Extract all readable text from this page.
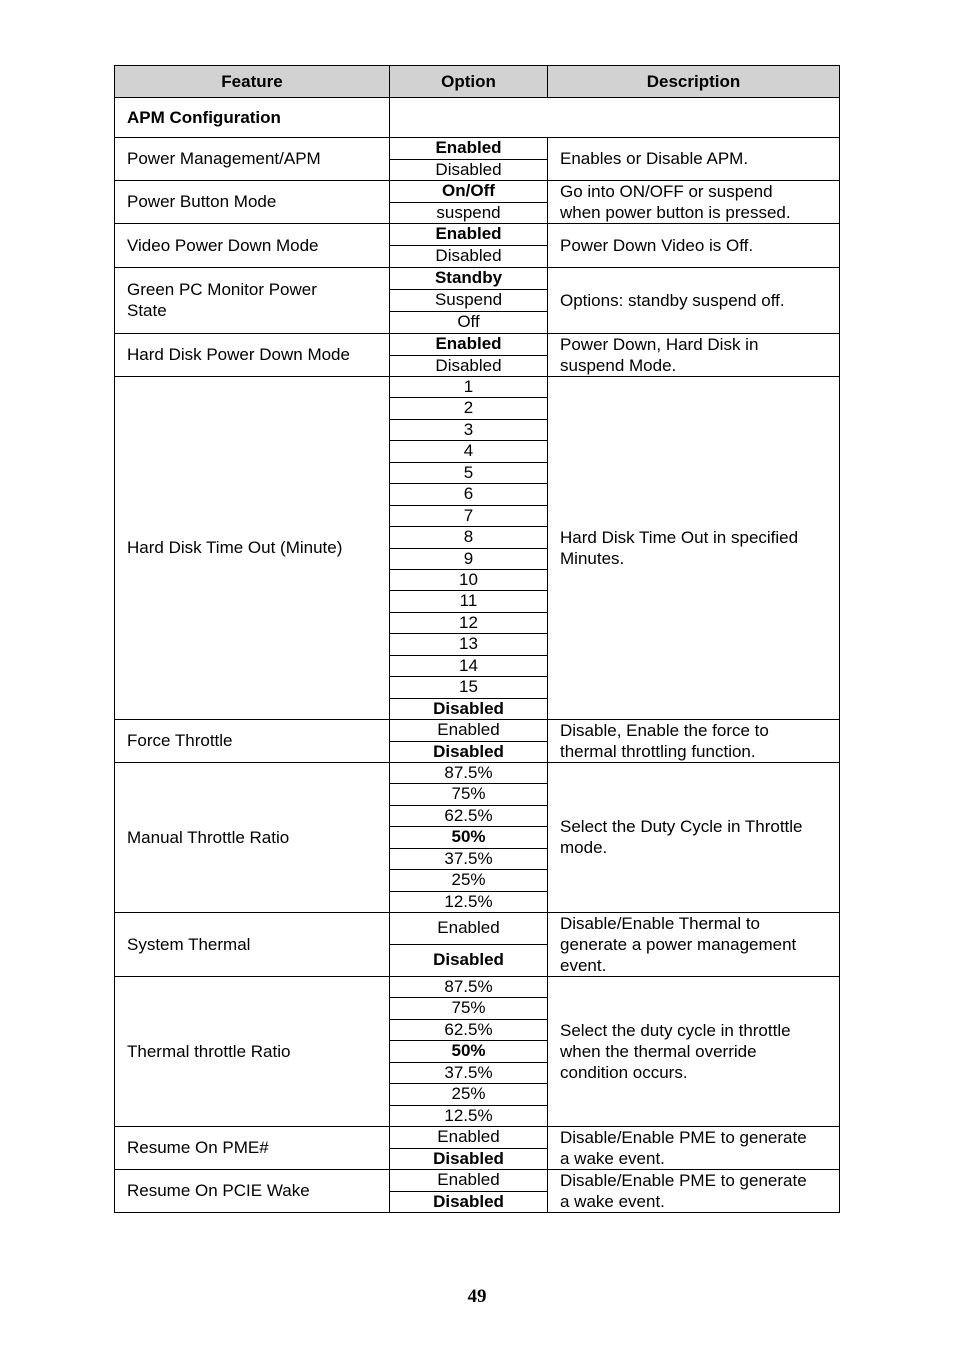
Feature	Option	Description
APM Configuration
Power Management/APM
Enabled
Disabled
Enables or Disable APM.
Power Button Mode
On/Off
suspend
Go into ON/OFF or suspend
when power button is pressed.
Video Power Down Mode
Enabled
Disabled
Power Down Video is Off.
Green PC Monitor Power
State
Standby
Suspend
Off
Options: standby suspend off.
Hard Disk Power Down Mode
Enabled
Disabled
Power Down, Hard Disk in
suspend Mode.
Hard Disk Time Out (Minute)
1
2
3
4
5
6
7
8
9
10
11
12
13
14
15
Disabled
Hard Disk Time Out in specified
Minutes.
Force Throttle
Enabled
Disabled
Disable, Enable the force to
thermal throttling function.
Manual Throttle Ratio
87.5%
75%
62.5%
50%
37.5%
25%
12.5%
Select the Duty Cycle in Throttle
mode.
System Thermal
Enabled
Disabled
Disable/Enable Thermal to
generate a power management
event.
Thermal throttle Ratio
87.5%
75%
62.5%
50%
37.5%
25%
12.5%
Select the duty cycle in throttle
when the thermal override
condition occurs.
Resume On PME#
Enabled
Disabled
Disable/Enable PME to generate
a wake event.
Resume On PCIE Wake
Enabled
Disabled
Disable/Enable PME to generate
a wake event.
49
